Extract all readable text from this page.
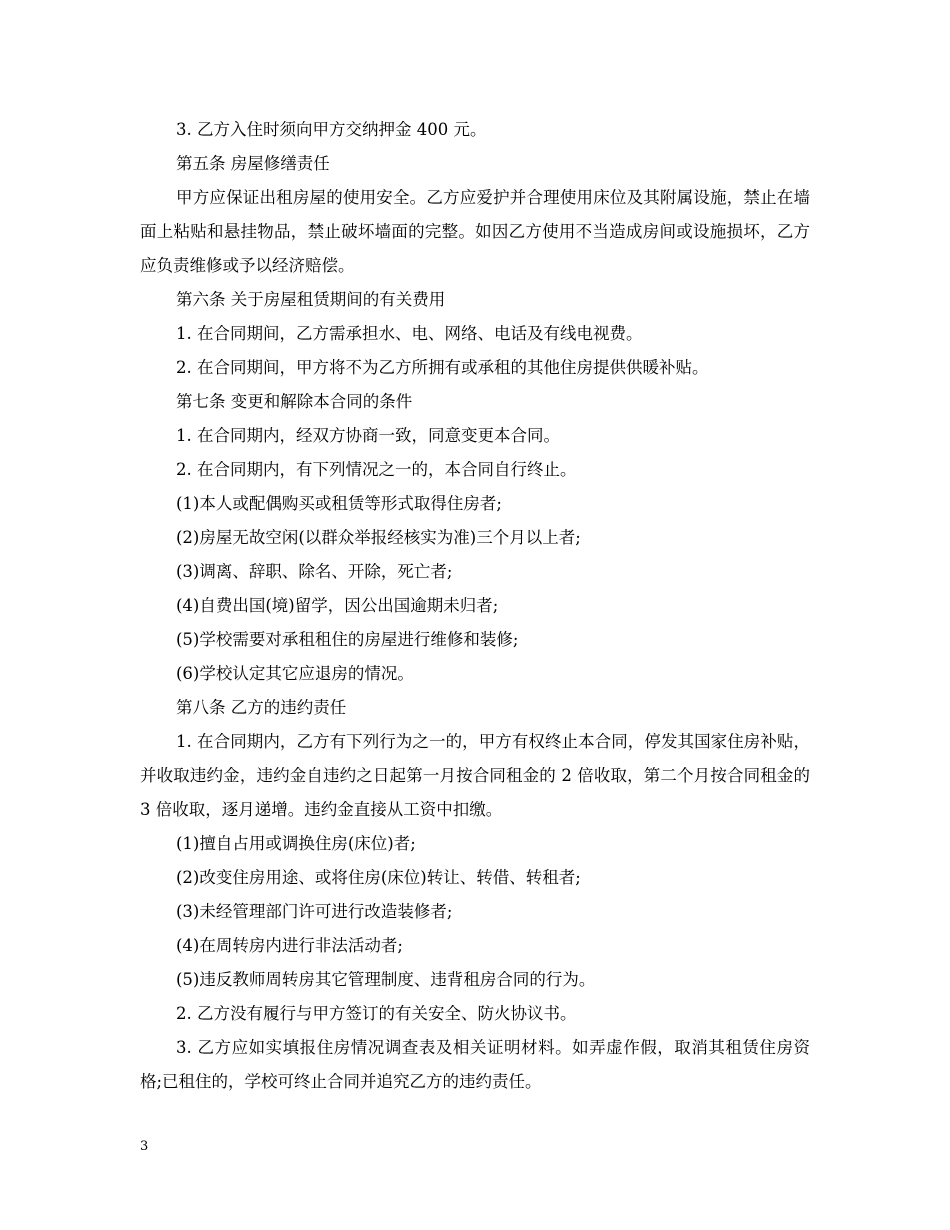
3. 乙方入住时须向甲方交纳押金 400 元。

第五条 房屋修缮责任

甲方应保证出租房屋的使用安全。乙方应爱护并合理使用床位及其附属设施，禁止在墙面上粘贴和悬挂物品，禁止破坏墙面的完整。如因乙方使用不当造成房间或设施损坏，乙方应负责维修或予以经济赔偿。

第六条 关于房屋租赁期间的有关费用

1. 在合同期间，乙方需承担水、电、网络、电话及有线电视费。

2. 在合同期间，甲方将不为乙方所拥有或承租的其他住房提供供暖补贴。

第七条 变更和解除本合同的条件

1. 在合同期内，经双方协商一致，同意变更本合同。

2. 在合同期内，有下列情况之一的，本合同自行终止。

(1)本人或配偶购买或租赁等形式取得住房者;

(2)房屋无故空闲(以群众举报经核实为准)三个月以上者;

(3)调离、辞职、除名、开除，死亡者;

(4)自费出国(境)留学，因公出国逾期未归者;

(5)学校需要对承租租住的房屋进行维修和装修;

(6)学校认定其它应退房的情况。

第八条 乙方的违约责任

1. 在合同期内，乙方有下列行为之一的，甲方有权终止本合同，停发其国家住房补贴，并收取违约金，违约金自违约之日起第一月按合同租金的 2 倍收取，第二个月按合同租金的 3 倍收取，逐月递增。违约金直接从工资中扣缴。

(1)擅自占用或调换住房(床位)者;

(2)改变住房用途、或将住房(床位)转让、转借、转租者;

(3)未经管理部门许可进行改造装修者;

(4)在周转房内进行非法活动者;

(5)违反教师周转房其它管理制度、违背租房合同的行为。

2. 乙方没有履行与甲方签订的有关安全、防火协议书。

3. 乙方应如实填报住房情况调查表及相关证明材料。如弄虚作假，取消其租赁住房资格;已租住的，学校可终止合同并追究乙方的违约责任。

3
